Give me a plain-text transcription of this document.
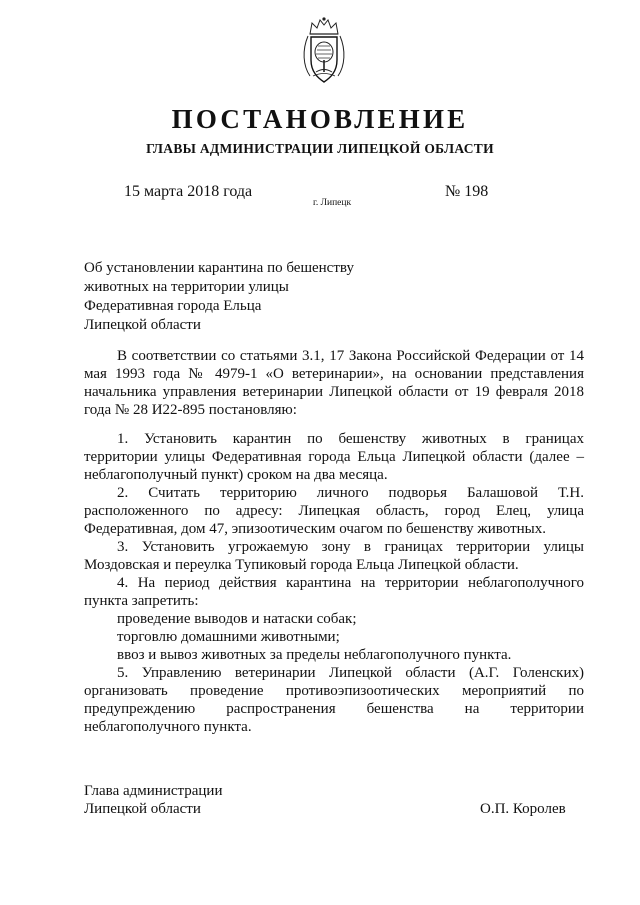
ПОСТАНОВЛЕНИЕ
ГЛАВЫ АДМИНИСТРАЦИИ ЛИПЕЦКОЙ ОБЛАСТИ
15 марта 2018 года
г. Липецк
№ 198
Об установлении карантина по бешенству
животных на территории улицы
Федеративная города Ельца
Липецкой области
В соответствии со статьями 3.1, 17 Закона Российской Федерации от 14
мая 1993 года № 4979-1 «О ветеринарии», на основании представления
начальника управления ветеринарии Липецкой области от 19 февраля 2018
года № 28 И22-895 постановляю:
1. Установить карантин по бешенству животных в границах
территории улицы Федеративная города Ельца Липецкой области (далее –
неблагополучный пункт) сроком на два месяца.
2. Считать территорию личного подворья Балашовой Т.Н.
расположенного по адресу: Липецкая область, город Елец, улица
Федеративная, дом 47, эпизоотическим очагом по бешенству животных.
3. Установить угрожаемую зону в границах территории улицы
Моздовская и переулка Тупиковый города Ельца Липецкой области.
4. На период действия карантина на территории неблагополучного
пункта запретить:
проведение выводов и натаски собак;
торговлю домашними животными;
ввоз и вывоз животных за пределы неблагополучного пункта.
5. Управлению ветеринарии Липецкой области (А.Г. Голенских)
организовать проведение противоэпизоотических мероприятий по
предупреждению распространения бешенства на территории
неблагополучного пункта.
Глава администрации
Липецкой области	О.П. Королев
